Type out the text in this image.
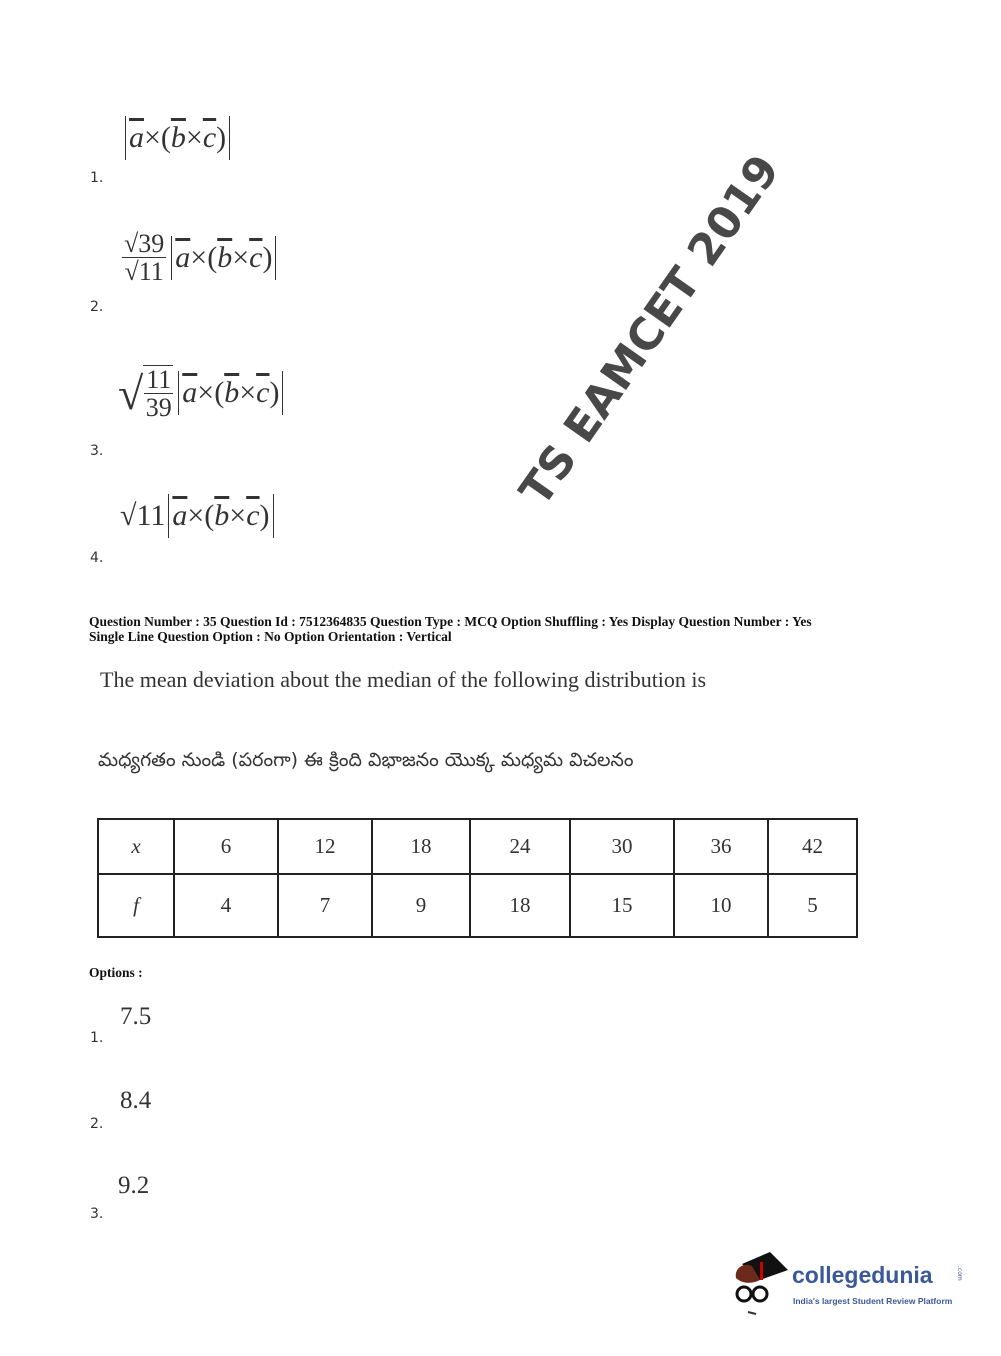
$\overline{a}$ × ( $\overline{b} \times \overline{c}$ )
1.
$\frac{√39}{√11} \overline{a}$ × ( $\overline{b} \times \overline{c}$ )
2.
√ $\frac{11}{39} \overline{a}$ × ( $\overline{b} \times \overline{c}$ )
3.
√11 $\overline{a}$ × ( $\overline{b} \times \overline{c}$ )
4.
Question Number : 35 Question Id : 7512364835 Question Type : MCQ Option Shuffling : Yes Display Question Number : Yes
Single Line Question Option : No Option Orientation : Vertical
The mean deviation about the median of the following distribution is
మధ్యగతం నుండి (పరంగా) ఈ క్రింది విభాజనం యొక్క మధ్యమ విచలనం
x	6	12	18	24	30	36	42
f	4	7	9	18	15	10	5
Options :
7.5
1.
8.4
2.
9.2
3.
TS EAMCET 2019
collegedunia	.com
India's largest Student Review Platform
